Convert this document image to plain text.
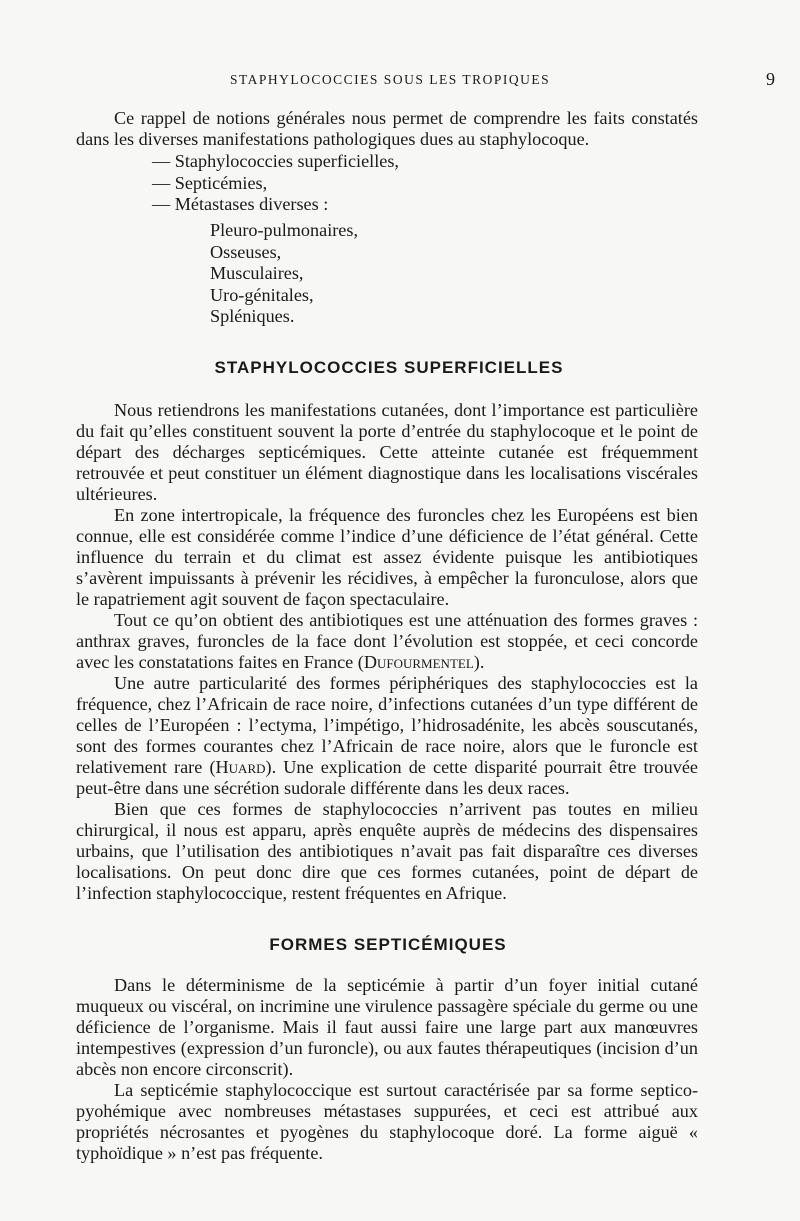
STAPHYLOCOCCIES SOUS LES TROPIQUES	9

Ce rappel de notions générales nous permet de comprendre les faits constatés dans les diverses manifestations pathologiques dues au staphylocoque.

— Staphylococcies superficielles,
— Septicémies,
— Métastases diverses :
Pleuro-pulmonaires,
Osseuses,
Musculaires,
Uro-génitales,
Spléniques.
STAPHYLOCOCCIES SUPERFICIELLES

Nous retiendrons les manifestations cutanées, dont l’importance est particulière du fait qu’elles constituent souvent la porte d’entrée du staphylocoque et le point de départ des décharges septicémiques. Cette atteinte cutanée est fréquemment retrouvée et peut constituer un élément diagnostique dans les localisations viscérales ultérieures.

En zone intertropicale, la fréquence des furoncles chez les Européens est bien connue, elle est considérée comme l’indice d’une déficience de l’état général. Cette influence du terrain et du climat est assez évidente puisque les antibiotiques s’avèrent impuissants à prévenir les récidives, à empêcher la furonculose, alors que le rapatriement agit souvent de façon spectaculaire.

Tout ce qu’on obtient des antibiotiques est une atténuation des formes graves : anthrax graves, furoncles de la face dont l’évolution est stoppée, et ceci concorde avec les constatations faites en France (Dufourmentel).

Une autre particularité des formes périphériques des staphylococcies est la fréquence, chez l’Africain de race noire, d’infections cutanées d’un type différent de celles de l’Européen : l’ectyma, l’impétigo, l’hidrosadénite, les abcès souscutanés, sont des formes courantes chez l’Africain de race noire, alors que le furoncle est relativement rare (Huard). Une explication de cette disparité pourrait être trouvée peut-être dans une sécrétion sudorale différente dans les deux races.

Bien que ces formes de staphylococcies n’arrivent pas toutes en milieu chirurgical, il nous est apparu, après enquête auprès de médecins des dispensaires urbains, que l’utilisation des antibiotiques n’avait pas fait disparaître ces diverses localisations. On peut donc dire que ces formes cutanées, point de départ de l’infection staphylococcique, restent fréquentes en Afrique.

FORMES SEPTICÉMIQUES

Dans le déterminisme de la septicémie à partir d’un foyer initial cutané muqueux ou viscéral, on incrimine une virulence passagère spéciale du germe ou une déficience de l’organisme. Mais il faut aussi faire une large part aux manœuvres intempestives (expression d’un furoncle), ou aux fautes thérapeutiques (incision d’un abcès non encore circonscrit).

La septicémie staphylococcique est surtout caractérisée par sa forme septico-pyohémique avec nombreuses métastases suppurées, et ceci est attribué aux propriétés nécrosantes et pyogènes du staphylocoque doré. La forme aiguë « typhoïdique » n’est pas fréquente.
